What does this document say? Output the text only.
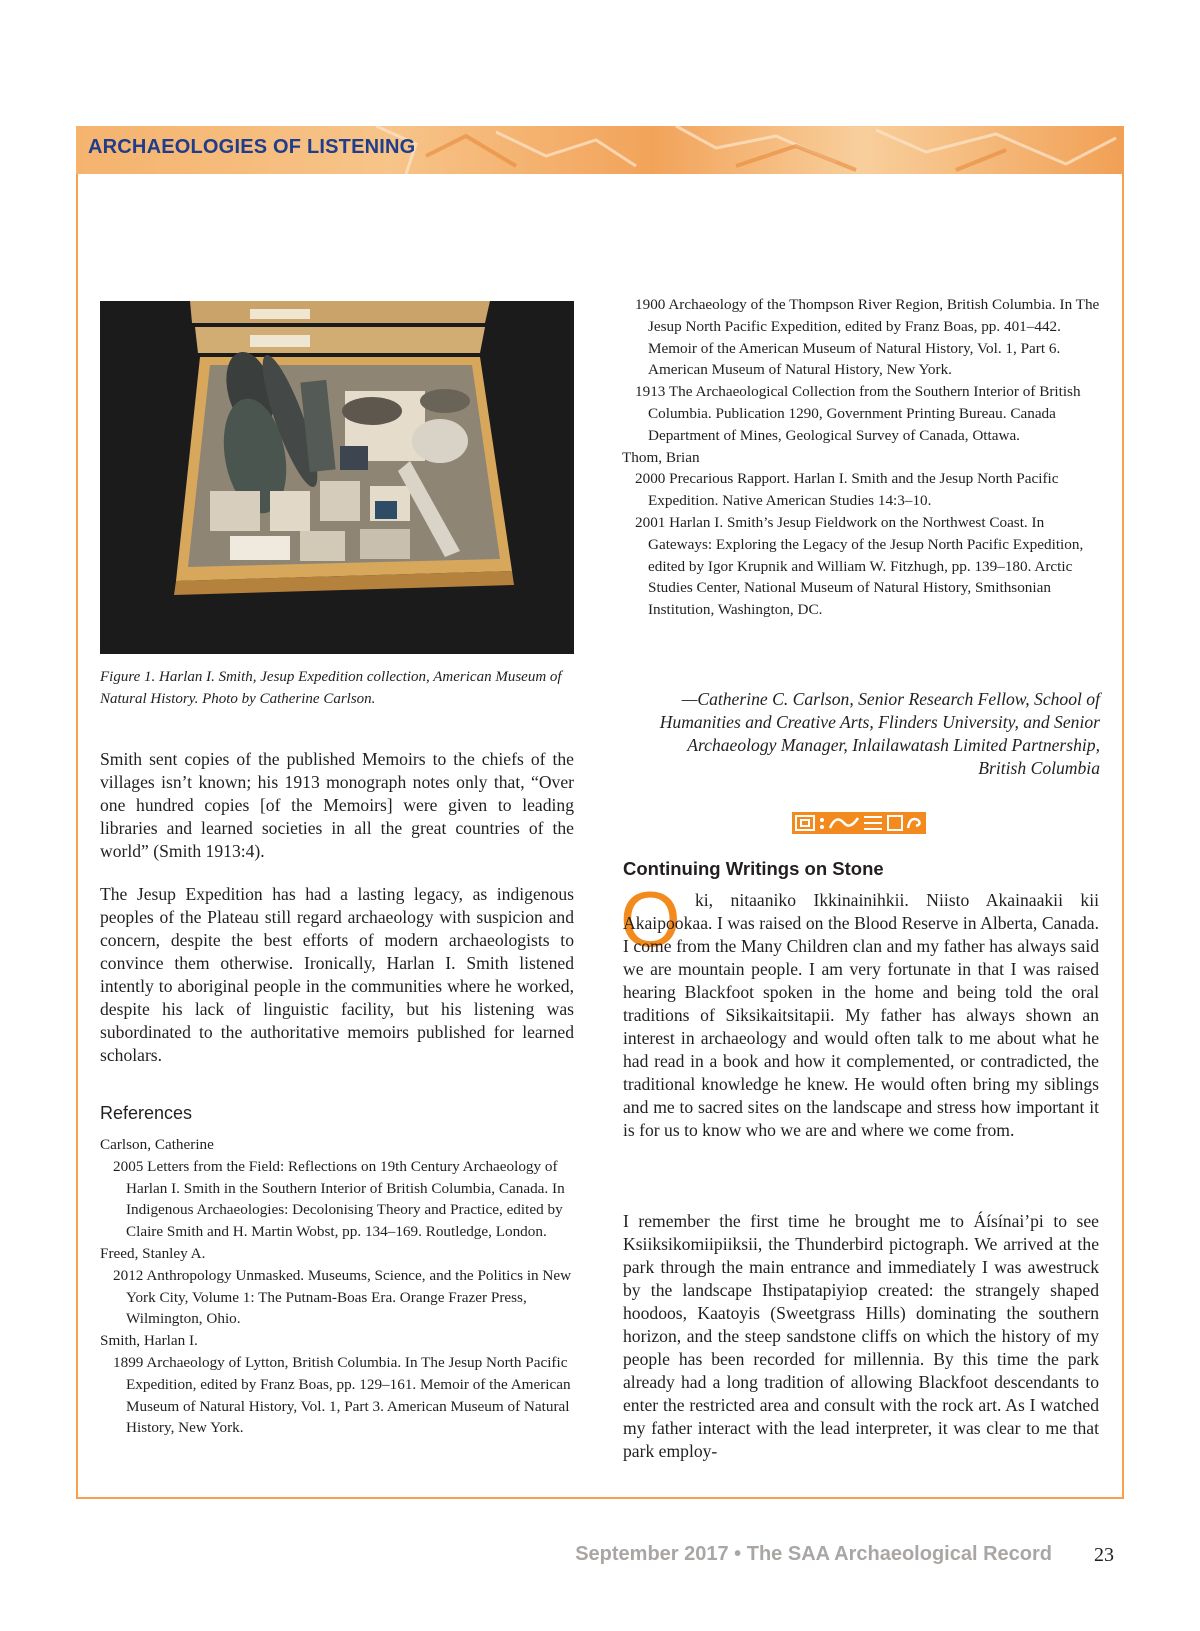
ARCHAEOLOGIES OF LISTENING

Figure 1. Harlan I. Smith, Jesup Expedition collection, American Museum of Natural History. Photo by Catherine Carlson.

Smith sent copies of the published Memoirs to the chiefs of the villages isn’t known; his 1913 monograph notes only that, “Over one hundred copies [of the Memoirs] were given to leading libraries and learned societies in all the great countries of the world” (Smith 1913:4).

The Jesup Expedition has had a lasting legacy, as indigenous peoples of the Plateau still regard archaeology with suspicion and concern, despite the best efforts of modern archaeologists to convince them otherwise. Ironically, Harlan I. Smith listened intently to aboriginal people in the communities where he worked, despite his lack of linguistic facility, but his listening was subordinated to the authoritative memoirs published for learned scholars.

References
Carlson, Catherine
2005 Letters from the Field: Reflections on 19th Century Archaeology of Harlan I. Smith in the Southern Interior of British Columbia, Canada. In Indigenous Archaeologies: Decolonising Theory and Practice, edited by Claire Smith and H. Martin Wobst, pp. 134–169. Routledge, London.
Freed, Stanley A.
2012 Anthropology Unmasked. Museums, Science, and the Politics in New York City, Volume 1: The Putnam-Boas Era. Orange Frazer Press, Wilmington, Ohio.
Smith, Harlan I.
1899 Archaeology of Lytton, British Columbia. In The Jesup North Pacific Expedition, edited by Franz Boas, pp. 129–161. Memoir of the American Museum of Natural History, Vol. 1, Part 3. American Museum of Natural History, New York.
1900 Archaeology of the Thompson River Region, British Columbia. In The Jesup North Pacific Expedition, edited by Franz Boas, pp. 401–442. Memoir of the American Museum of Natural History, Vol. 1, Part 6. American Museum of Natural History, New York.
1913 The Archaeological Collection from the Southern Interior of British Columbia. Publication 1290, Government Printing Bureau. Canada Department of Mines, Geological Survey of Canada, Ottawa.
Thom, Brian
2000 Precarious Rapport. Harlan I. Smith and the Jesup North Pacific Expedition. Native American Studies 14:3–10.
2001 Harlan I. Smith’s Jesup Fieldwork on the Northwest Coast. In Gateways: Exploring the Legacy of the Jesup North Pacific Expedition, edited by Igor Krupnik and William W. Fitzhugh, pp. 139–180. Arctic Studies Center, National Museum of Natural History, Smithsonian Institution, Washington, DC.

—Catherine C. Carlson, Senior Research Fellow, School of Humanities and Creative Arts, Flinders University, and Senior Archaeology Manager, Inlailawatash Limited Partnership, British Columbia

Continuing Writings on Stone
O ki, nitaaniko Ikkinainihkii. Niisto Akainaakii kii Akaipookaa. I was raised on the Blood Reserve in Alberta, Canada. I come from the Many Children clan and my father has always said we are mountain people. I am very fortunate in that I was raised hearing Blackfoot spoken in the home and being told the oral traditions of Siksikaitsitapii. My father has always shown an interest in archaeology and would often talk to me about what he had read in a book and how it complemented, or contradicted, the traditional knowledge he knew. He would often bring my siblings and me to sacred sites on the landscape and stress how important it is for us to know who we are and where we come from.

I remember the first time he brought me to Áísínai’pi to see Ksiiksikomiipiiksii, the Thunderbird pictograph. We arrived at the park through the main entrance and immediately I was awestruck by the landscape Ihstipatapiyiop created: the strangely shaped hoodoos, Kaatoyis (Sweetgrass Hills) dominating the southern horizon, and the steep sandstone cliffs on which the history of my people has been recorded for millennia. By this time the park already had a long tradition of allowing Blackfoot descendants to enter the restricted area and consult with the rock art. As I watched my father interact with the lead interpreter, it was clear to me that park employ-

September 2017 • The SAA Archaeological Record 23
